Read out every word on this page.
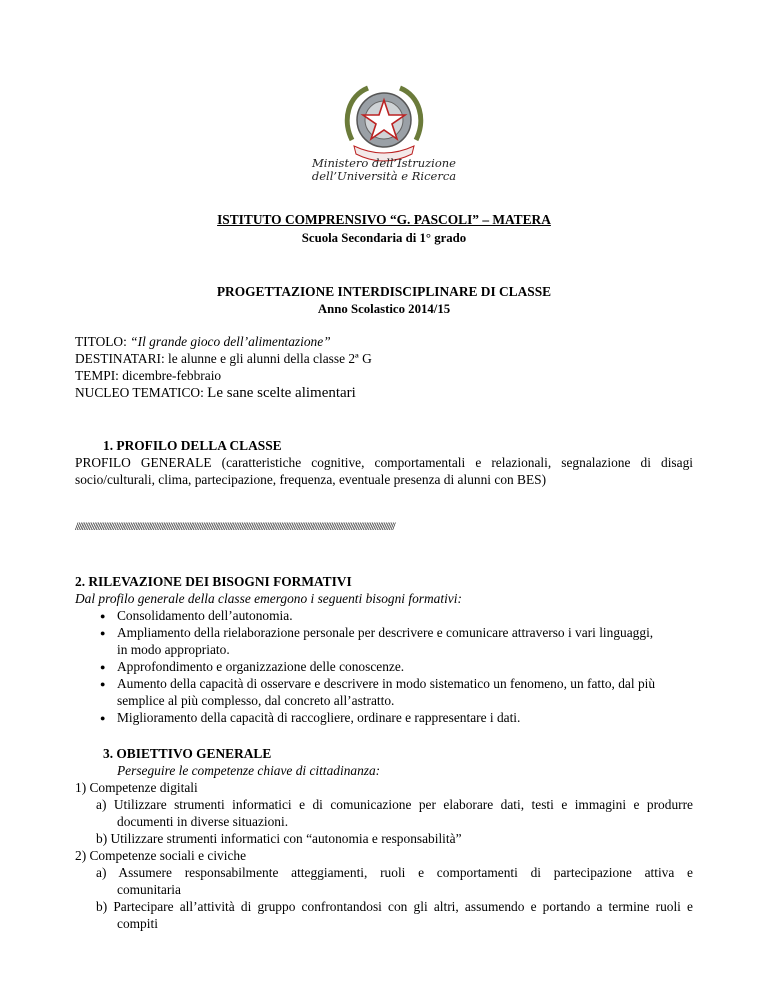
Ministero dell’Istruzione
dell’Università e Ricerca
ISTITUTO COMPRENSIVO “G. PASCOLI” – MATERA
Scuola Secondaria di 1° grado
PROGETTAZIONE INTERDISCIPLINARE DI CLASSE
Anno Scolastico 2014/15
TITOLO: “Il grande gioco dell’alimentazione”
DESTINATARI: le alunne e gli alunni della classe 2ª G
TEMPI: dicembre-febbraio
NUCLEO TEMATICO: Le sane scelte alimentari
1. PROFILO DELLA CLASSE
PROFILO GENERALE (caratteristiche cognitive, comportamentali e relazionali, segnalazione di disagi
socio/culturali, clima, partecipazione, frequenza, eventuale presenza di alunni con BES)
////////////////////////////////////////////////////////////////////////////////////////////////////////////////////////////////////////////////////////////////////////////////////////
2. RILEVAZIONE DEI BISOGNI FORMATIVI
Dal profilo generale della classe emergono i seguenti bisogni formativi:
● Consolidamento dell’autonomia.
● Ampliamento della rielaborazione personale per descrivere e comunicare attraverso i vari linguaggi,
in modo appropriato.
● Approfondimento e organizzazione delle conoscenze.
● Aumento della capacità di osservare e descrivere in modo sistematico un fenomeno, un fatto, dal più
semplice al più complesso, dal concreto all’astratto.
● Miglioramento della capacità di raccogliere, ordinare e rappresentare i dati.
3. OBIETTIVO GENERALE
Perseguire le competenze chiave di cittadinanza:
1) Competenze digitali
a) Utilizzare strumenti informatici e di comunicazione per elaborare dati, testi e immagini e produrre
documenti in diverse situazioni.
b) Utilizzare strumenti informatici con “autonomia e responsabilità”
2) Competenze sociali e civiche
a) Assumere responsabilmente atteggiamenti, ruoli e comportamenti di partecipazione attiva e
comunitaria
b) Partecipare all’attività di gruppo confrontandosi con gli altri, assumendo e portando a termine ruoli e
compiti
